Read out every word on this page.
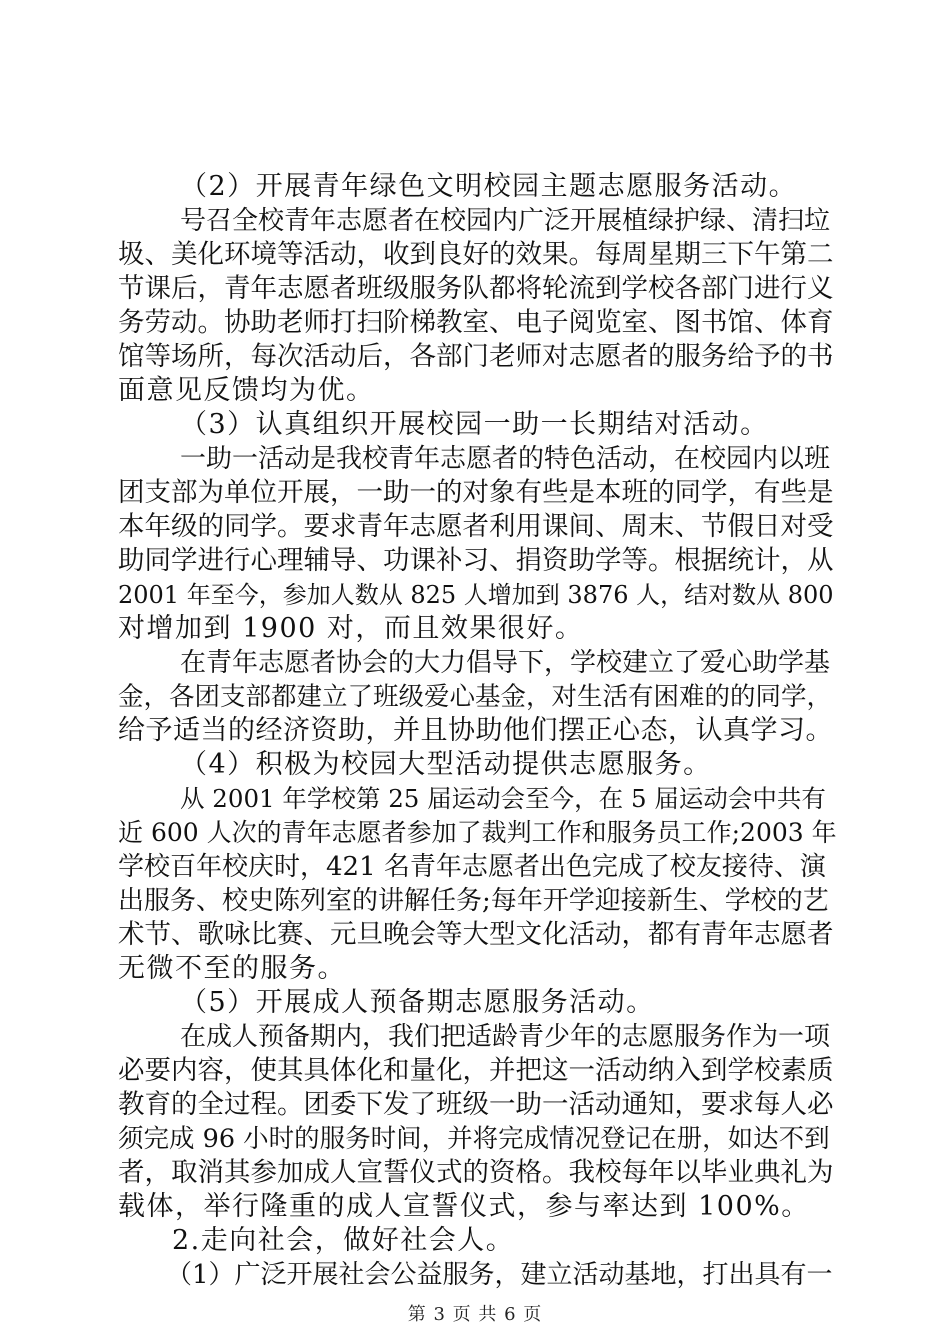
（2）开展青年绿色文明校园主题志愿服务活动。
号召全校青年志愿者在校园内广泛开展植绿护绿、清扫垃
圾、美化环境等活动，收到良好的效果。每周星期三下午第二
节课后，青年志愿者班级服务队都将轮流到学校各部门进行义
务劳动。协助老师打扫阶梯教室、电子阅览室、图书馆、体育
馆等场所，每次活动后，各部门老师对志愿者的服务给予的书
面意见反馈均为优。
（3）认真组织开展校园一助一长期结对活动。
一助一活动是我校青年志愿者的特色活动，在校园内以班
团支部为单位开展，一助一的对象有些是本班的同学，有些是
本年级的同学。要求青年志愿者利用课间、周末、节假日对受
助同学进行心理辅导、功课补习、捐资助学等。根据统计，从
2001 年至今，参加人数从 825 人增加到 3876 人，结对数从 800
对增加到 1900 对，而且效果很好。
在青年志愿者协会的大力倡导下，学校建立了爱心助学基
金，各团支部都建立了班级爱心基金，对生活有困难的的同学，
给予适当的经济资助，并且协助他们摆正心态，认真学习。
（4）积极为校园大型活动提供志愿服务。
从 2001 年学校第 25 届运动会至今，在 5 届运动会中共有
近 600 人次的青年志愿者参加了裁判工作和服务员工作;2003 年
学校百年校庆时，421 名青年志愿者出色完成了校友接待、演
出服务、校史陈列室的讲解任务;每年开学迎接新生、学校的艺
术节、歌咏比赛、元旦晚会等大型文化活动，都有青年志愿者
无微不至的服务。
（5）开展成人预备期志愿服务活动。
在成人预备期内，我们把适龄青少年的志愿服务作为一项
必要内容，使其具体化和量化，并把这一活动纳入到学校素质
教育的全过程。团委下发了班级一助一活动通知，要求每人必
须完成 96 小时的服务时间，并将完成情况登记在册，如达不到
者，取消其参加成人宣誓仪式的资格。我校每年以毕业典礼为
载体，举行隆重的成人宣誓仪式，参与率达到 100%。
2.走向社会，做好社会人。
（1）广泛开展社会公益服务，建立活动基地，打出具有一
第 3 页 共 6 页
